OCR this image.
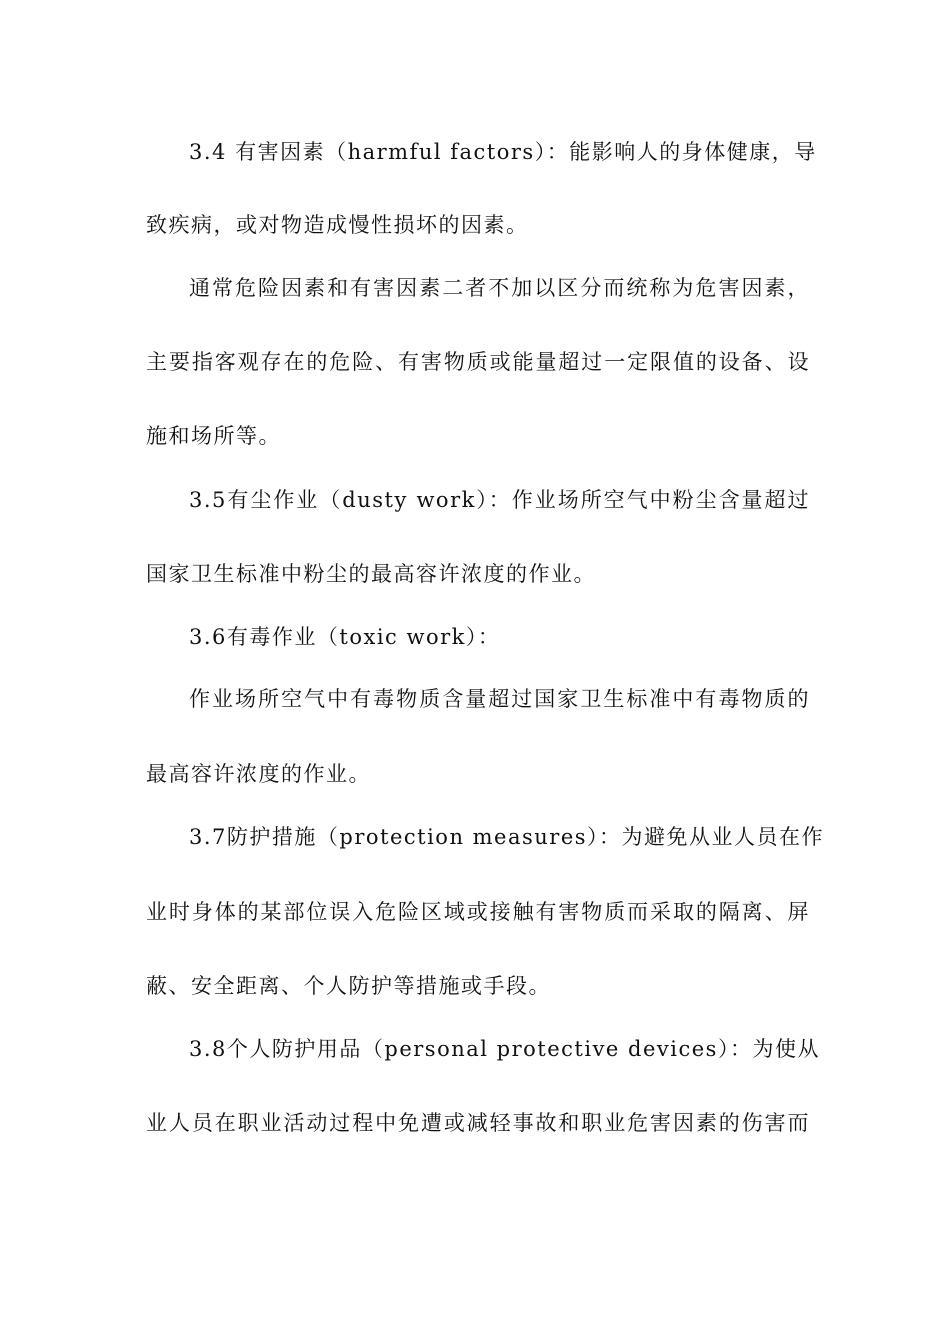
3.4 有害因素（harmful factors）：能影响人的身体健康，导
致疾病，或对物造成慢性损坏的因素。
通常危险因素和有害因素二者不加以区分而统称为危害因素，
主要指客观存在的危险、有害物质或能量超过一定限值的设备、设
施和场所等。
3.5有尘作业（dusty work）：作业场所空气中粉尘含量超过
国家卫生标准中粉尘的最高容许浓度的作业。
3.6有毒作业（toxic work）：
作业场所空气中有毒物质含量超过国家卫生标准中有毒物质的
最高容许浓度的作业。
3.7防护措施（protection measures）：为避免从业人员在作
业时身体的某部位误入危险区域或接触有害物质而采取的隔离、屏
蔽、安全距离、个人防护等措施或手段。
3.8个人防护用品（personal protective devices）：为使从
业人员在职业活动过程中免遭或减轻事故和职业危害因素的伤害而
